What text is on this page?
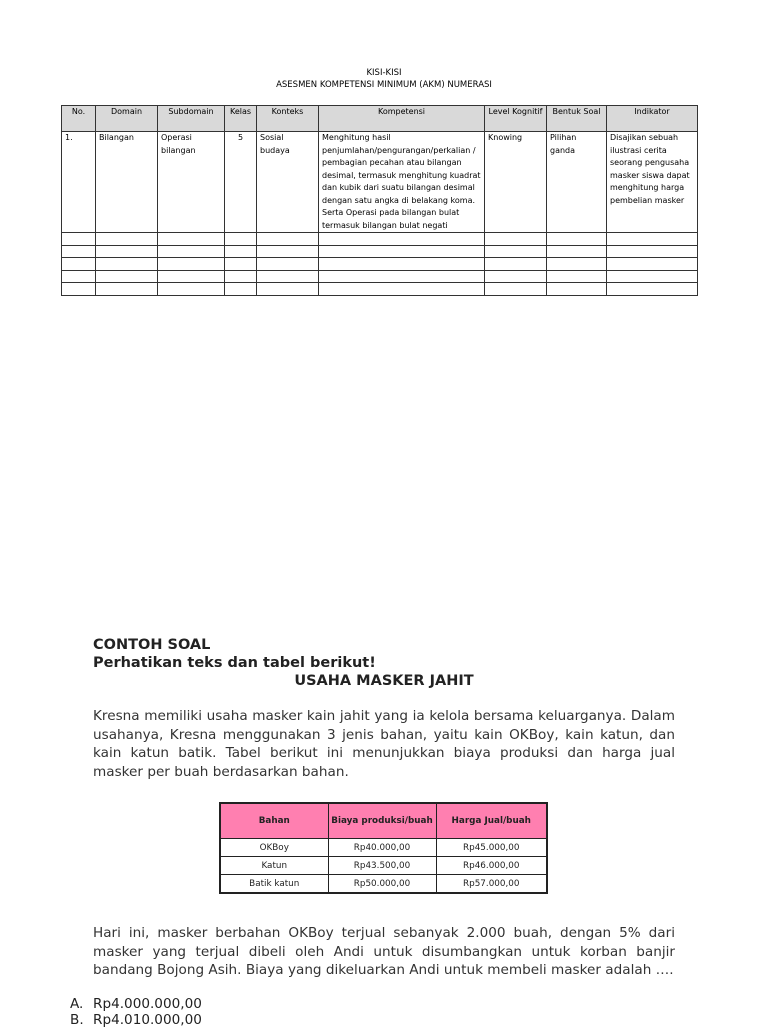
KISI-KISI
ASESMEN KOMPETENSI MINIMUM (AKM) NUMERASI
No.	Domain	Subdomain	Kelas	Konteks	Kompetensi	Level Kognitif	Bentuk Soal	Indikator
1.	Bilangan	Operasi bilangan	5	Sosial budaya	Menghitung hasil penjumlahan/pengurangan/perkalian / pembagian pecahan atau bilangan desimal, termasuk menghitung kuadrat dan kubik dari suatu bilangan desimal dengan satu angka di belakang koma. Serta Operasi pada bilangan bulat termasuk bilangan bulat negati	Knowing	Pilihan ganda	Disajikan sebuah ilustrasi cerita seorang pengusaha masker siswa dapat menghitung harga pembelian masker

CONTOH SOAL
Perhatikan teks dan tabel berikut!
USAHA MASKER JAHIT
Kresna memiliki usaha masker kain jahit yang ia kelola bersama keluarganya. Dalam usahanya, Kresna menggunakan 3 jenis bahan, yaitu kain OKBoy, kain katun, dan kain katun batik. Tabel berikut ini menunjukkan biaya produksi dan harga jual masker per buah berdasarkan bahan.
Bahan	Biaya produksi/buah	Harga Jual/buah
OKBoy	Rp40.000,00	Rp45.000,00
Katun	Rp43.500,00	Rp46.000,00
Batik katun	Rp50.000,00	Rp57.000,00
Hari ini, masker berbahan OKBoy terjual sebanyak 2.000 buah, dengan 5% dari masker yang terjual dibeli oleh Andi untuk disumbangkan untuk korban banjir bandang Bojong Asih. Biaya yang dikeluarkan Andi untuk membeli masker adalah ….
A. Rp4.000.000,00
B. Rp4.010.000,00
